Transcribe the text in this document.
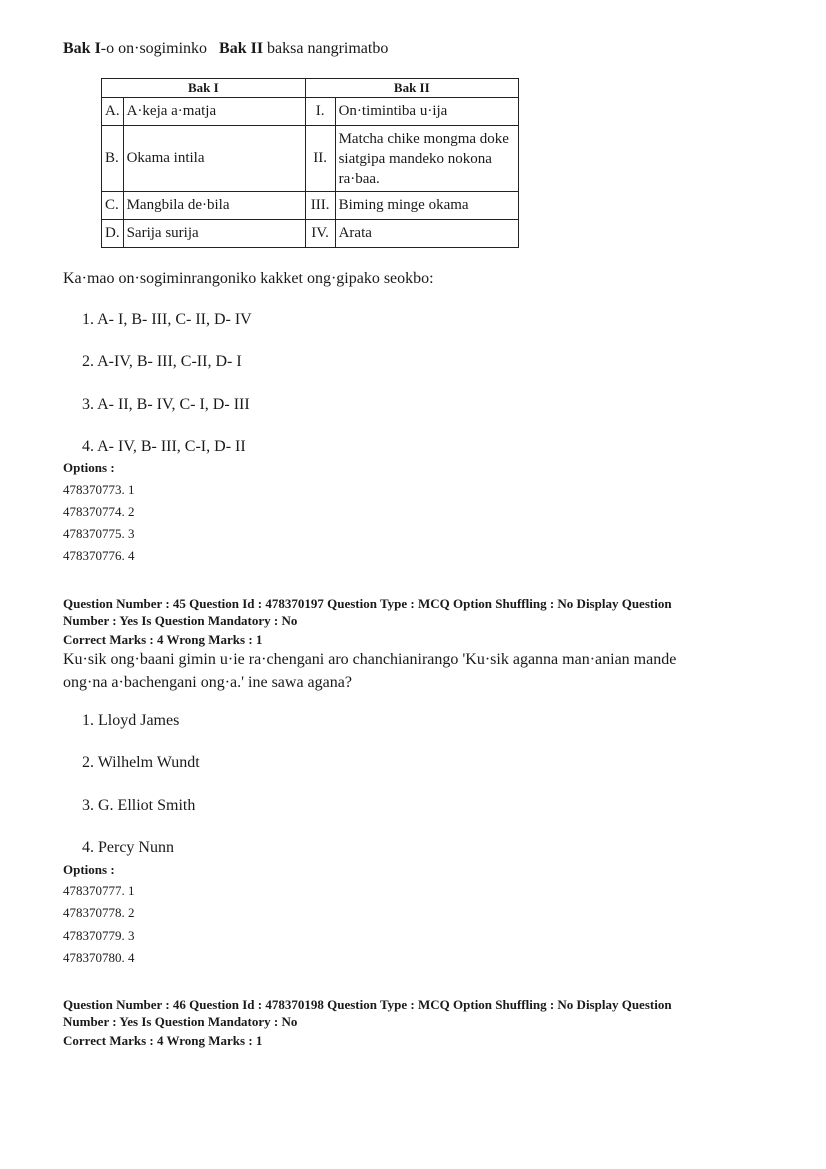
Bak I-o on·sogiminko Bak II baksa nangrimatbo
Bak I		Bak II	
A.	A·keja a·matja	I.	On·timintiba u·ija
B.	Okama intila	II.	Matcha chike mongma doke siatgipa mandeko nokona ra·baa.
C.	Mangbila de·bila	III.	Biming minge okama
D.	Sarija surija	IV.	Arata
Ka·mao on·sogiminrangoniko kakket ong·gipako seokbo:
1. A- I, B- III, C- II, D- IV
2. A-IV, B- III, C-II, D- I
3. A- II, B- IV, C- I, D- III
4. A- IV, B- III, C-I, D- II
Options :
478370773. 1
478370774. 2
478370775. 3
478370776. 4
Question Number : 45 Question Id : 478370197 Question Type : MCQ Option Shuffling : No Display Question
Number : Yes Is Question Mandatory : No
Correct Marks : 4 Wrong Marks : 1
Ku·sik ong·baani gimin u·ie ra·chengani aro chanchianirango 'Ku·sik aganna man·anian mande
ong·na a·bachengani ong·a.' ine sawa agana?
1. Lloyd James
2. Wilhelm Wundt
3. G. Elliot Smith
4. Percy Nunn
Options :
478370777. 1
478370778. 2
478370779. 3
478370780. 4
Question Number : 46 Question Id : 478370198 Question Type : MCQ Option Shuffling : No Display Question
Number : Yes Is Question Mandatory : No
Correct Marks : 4 Wrong Marks : 1
